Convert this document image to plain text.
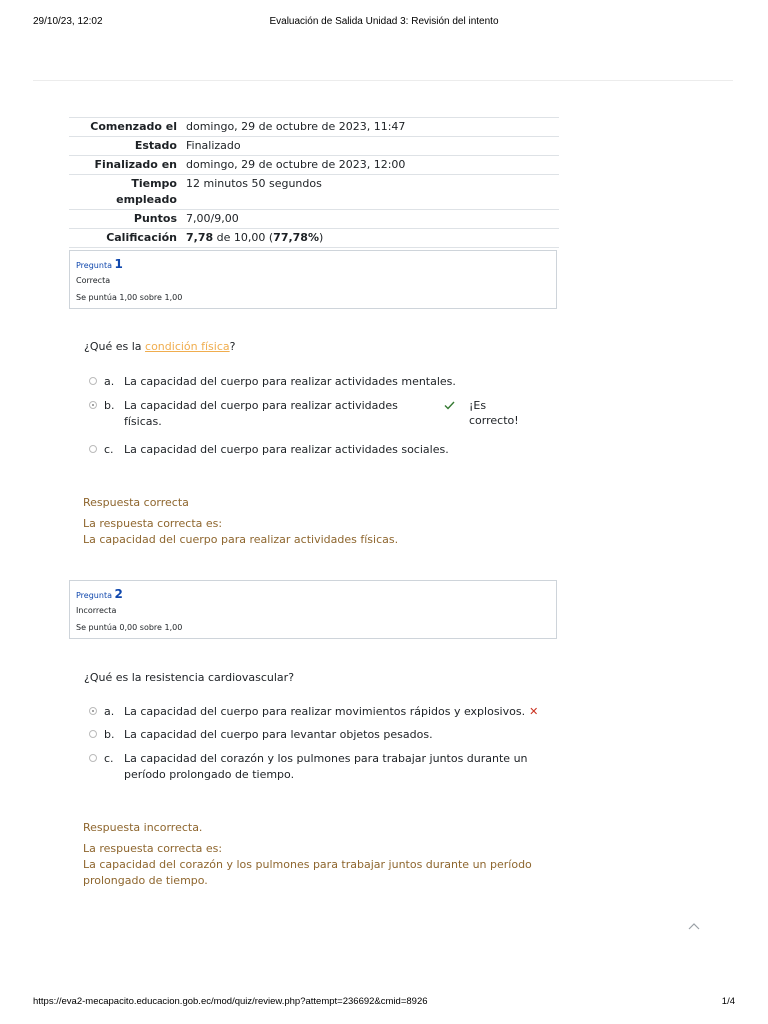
29/10/23, 12:02	Evaluación de Salida Unidad 3: Revisión del intento
Comenzado el	domingo, 29 de octubre de 2023, 11:47
Estado	Finalizado
Finalizado en	domingo, 29 de octubre de 2023, 12:00
Tiempo
empleado	12 minutos 50 segundos
Puntos	7,00/9,00
Calificación	7,78 de 10,00 (77,78%)
Pregunta 1
Correcta
Se puntúa 1,00 sobre 1,00
¿Qué es la condición física?
a. La capacidad del cuerpo para realizar actividades mentales.
b. La capacidad del cuerpo para realizar actividades
físicas.
¡Es
correcto!
c. La capacidad del cuerpo para realizar actividades sociales.
Respuesta correcta
La respuesta correcta es:
La capacidad del cuerpo para realizar actividades físicas.
Pregunta 2
Incorrecta
Se puntúa 0,00 sobre 1,00
¿Qué es la resistencia cardiovascular?
a. La capacidad del cuerpo para realizar movimientos rápidos y explosivos. ✕
b. La capacidad del cuerpo para levantar objetos pesados.
c. La capacidad del corazón y los pulmones para trabajar juntos durante un
período prolongado de tiempo.
Respuesta incorrecta.
La respuesta correcta es:
La capacidad del corazón y los pulmones para trabajar juntos durante un período
prolongado de tiempo.
https://eva2-mecapacito.educacion.gob.ec/mod/quiz/review.php?attempt=236692&cmid=8926	1/4
